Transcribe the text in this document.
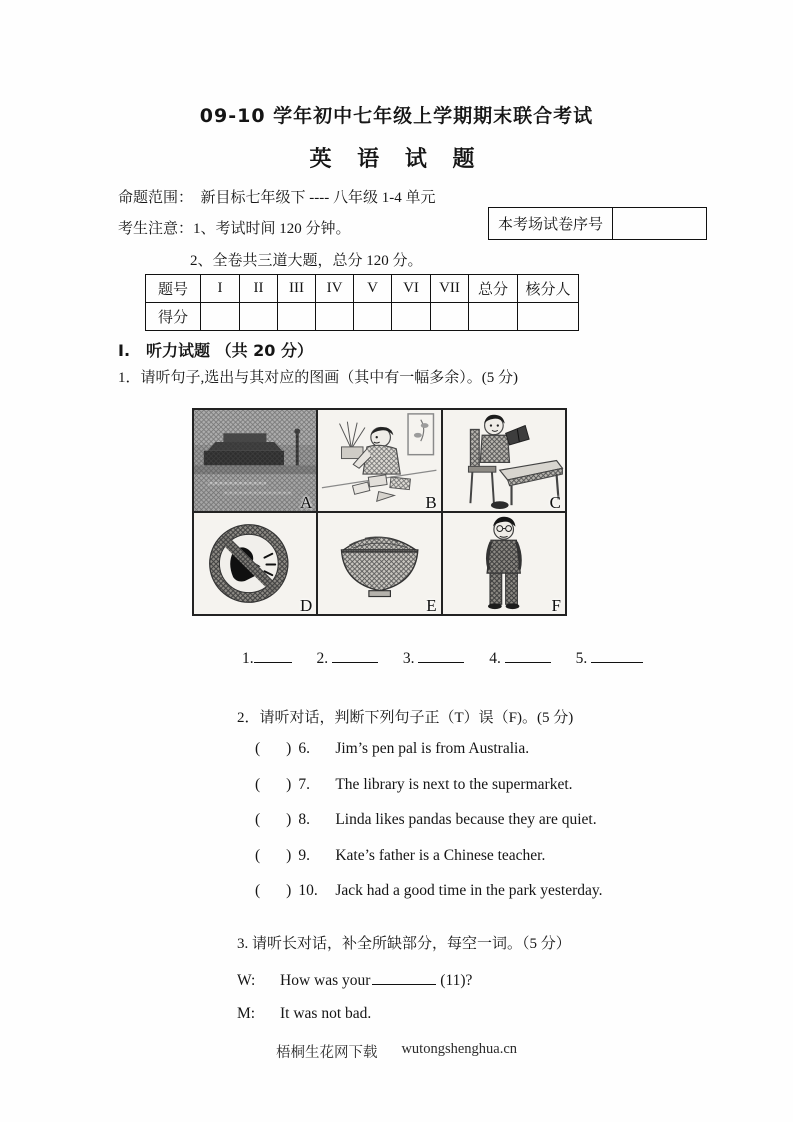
09-10 学年初中七年级上学期期末联合考试
英 语 试 题
命题范围：　新目标七年级下 ---- 八年级 1-4 单元
考生注意：1、考试时间 120 分钟。	本考场试卷序号
2、全卷共三道大题，总分 120 分。
题号	I	II	III	IV	V	VI	VII	总分	核分人
得分									
I.　听力试题 （共 20 分）
1．请听句子,选出与其对应的图画（其中有一幅多余）。(5 分)
A	B	C
D	E	F
1.	2.	3.	4.	5.
2．请听对话，判断下列句子正（T）误（F)。(5 分)
( ) 6. Jim’s pen pal is from Australia.
( ) 7. The library is next to the supermarket.
( ) 8. Linda likes pandas because they are quiet.
( ) 9. Kate’s father is a Chinese teacher.
( ) 10. Jack had a good time in the park yesterday.
3. 请听长对话，补全所缺部分，每空一词。（5 分）
W: How was your	(11)?
M: It was not bad.
梧桐生花网下载 wutongshenghua.cn
